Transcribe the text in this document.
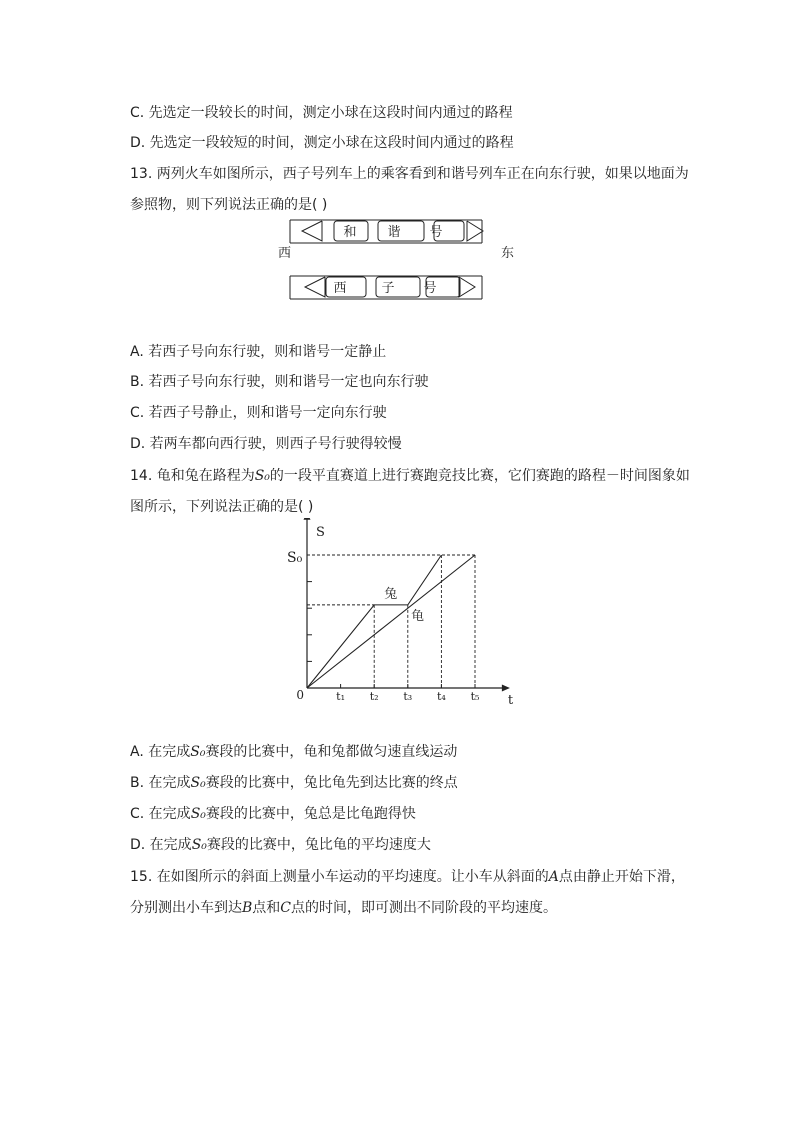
C. 先选定一段较长的时间，测定小球在这段时间内通过的路程
D. 先选定一段较短的时间，测定小球在这段时间内通过的路程
13. 两列火车如图所示，西子号列车上的乘客看到和谐号列车正在向东行驶，如果以地面为
参照物，则下列说法正确的是( )
和 谐 号
西	子 号
西	东
A. 若西子号向东行驶，则和谐号一定静止
B. 若西子号向东行驶，则和谐号一定也向东行驶
C. 若西子号静止，则和谐号一定向东行驶
D. 若两车都向西行驶，则西子号行驶得较慢
14. 龟和兔在路程为S₀的一段平直赛道上进行赛跑竞技比赛，它们赛跑的路程－时间图象如
图所示，下列说法正确的是( )
t₁ t₂ t₃ t₄ t₅
S
t
0
S₀
兔
龟
A. 在完成S₀赛段的比赛中，龟和兔都做匀速直线运动
B. 在完成S₀赛段的比赛中，兔比龟先到达比赛的终点
C. 在完成S₀赛段的比赛中，兔总是比龟跑得快
D. 在完成S₀赛段的比赛中，兔比龟的平均速度大
15. 在如图所示的斜面上测量小车运动的平均速度。让小车从斜面的A点由静止开始下滑，
分别测出小车到达B点和C点的时间，即可测出不同阶段的平均速度。
